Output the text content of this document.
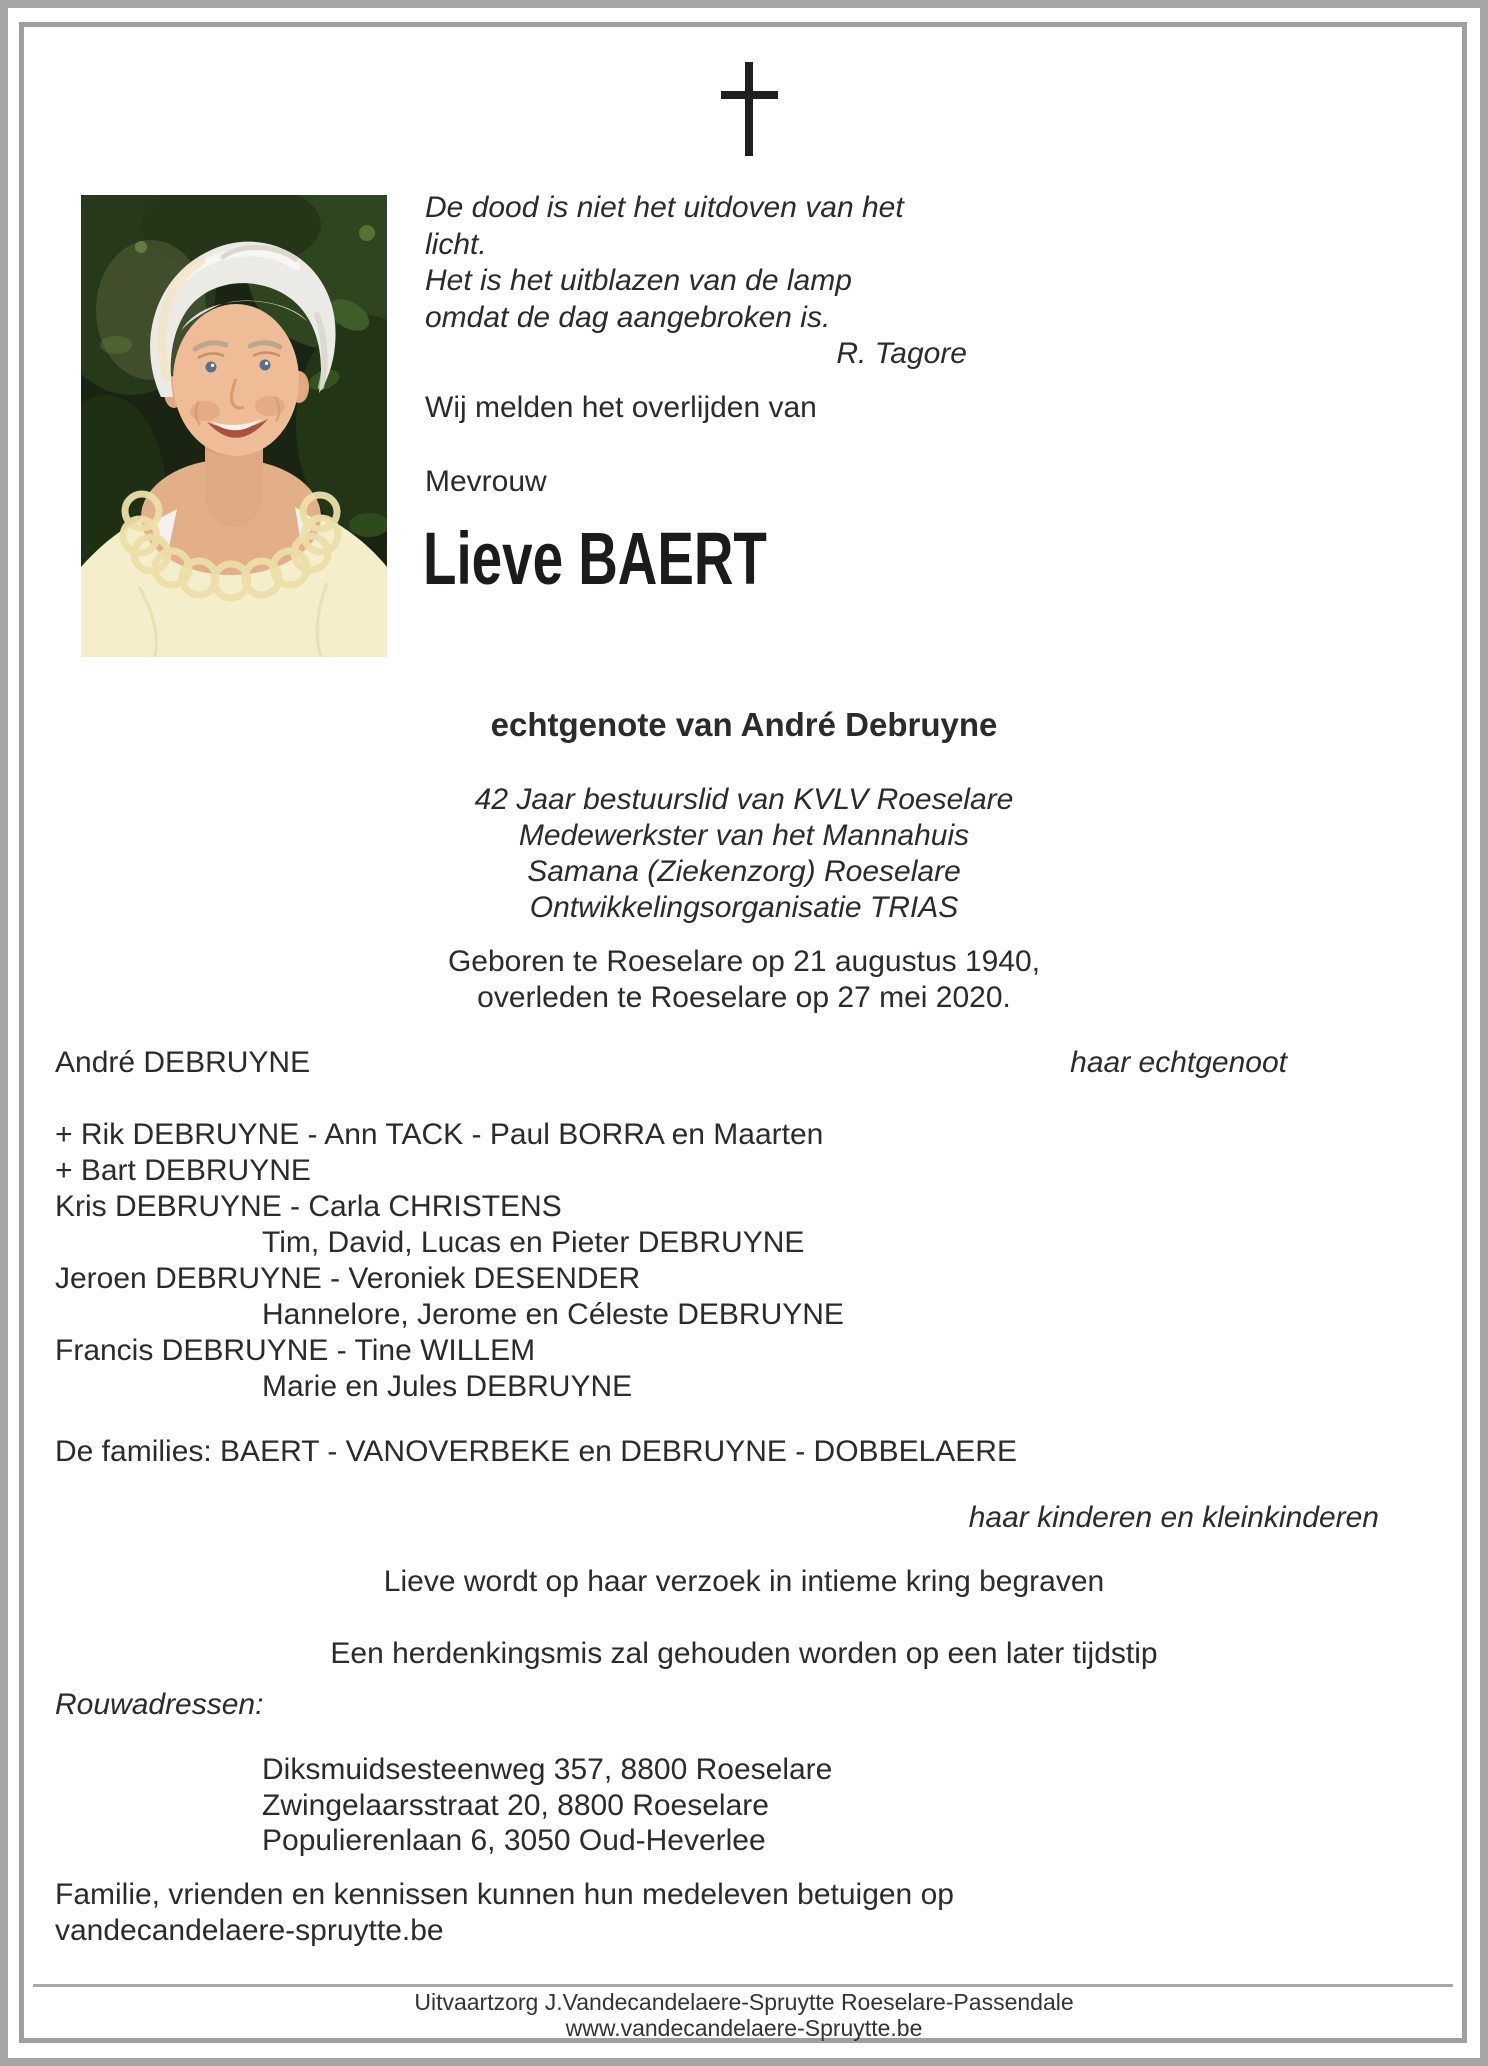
De dood is niet het uitdoven van het licht.
Het is het uitblazen van de lamp
omdat de dag aangebroken is.
R. Tagore
Wij melden het overlijden van
Mevrouw
Lieve BAERT
echtgenote van André Debruyne
42 Jaar bestuurslid van KVLV Roeselare
Medewerkster van het Mannahuis
Samana (Ziekenzorg) Roeselare
Ontwikkelingsorganisatie TRIAS
Geboren te Roeselare op 21 augustus 1940,
overleden te Roeselare op 27 mei 2020.
André DEBRUYNE	haar echtgenoot
+ Rik DEBRUYNE - Ann TACK - Paul BORRA en Maarten
+ Bart DEBRUYNE
Kris DEBRUYNE - Carla CHRISTENS
Tim, David, Lucas en Pieter DEBRUYNE
Jeroen DEBRUYNE - Veroniek DESENDER
Hannelore, Jerome en Céleste DEBRUYNE
Francis DEBRUYNE - Tine WILLEM
Marie en Jules DEBRUYNE
De families: BAERT - VANOVERBEKE en DEBRUYNE - DOBBELAERE
haar kinderen en kleinkinderen
Lieve wordt op haar verzoek in intieme kring begraven
Een herdenkingsmis zal gehouden worden op een later tijdstip
Rouwadressen:
Diksmuidsesteenweg 357, 8800 Roeselare
Zwingelaarsstraat 20, 8800 Roeselare
Populierenlaan 6, 3050 Oud-Heverlee
Familie, vrienden en kennissen kunnen hun medeleven betuigen op
vandecandelaere-spruytte.be
Uitvaartzorg J.Vandecandelaere-Spruytte Roeselare-Passendale
www.vandecandelaere-Spruytte.be
